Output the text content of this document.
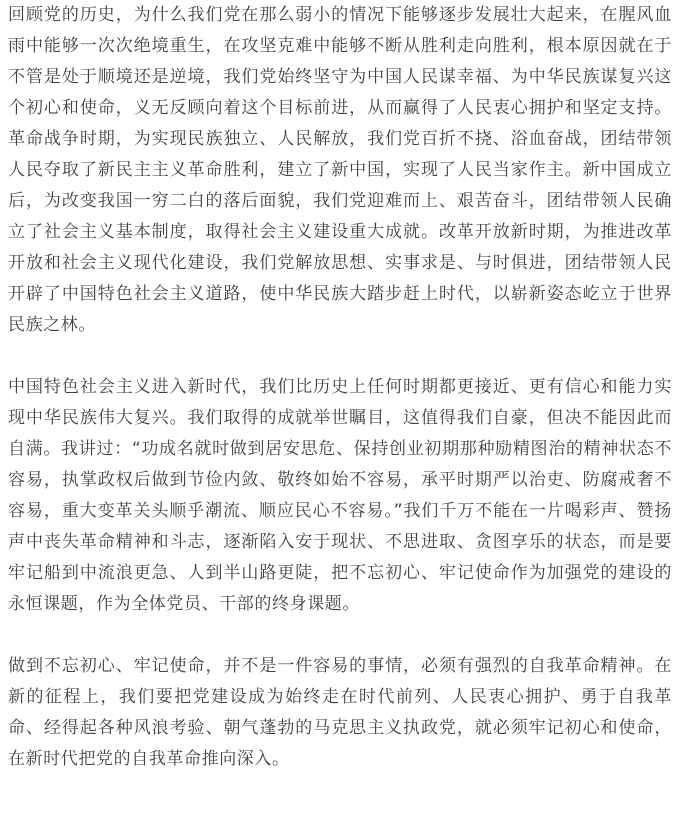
回顾党的历史，为什么我们党在那么弱小的情况下能够逐步发展壮大起来，在腥风血雨中能够一次次绝境重生，在攻坚克难中能够不断从胜利走向胜利，根本原因就在于不管是处于顺境还是逆境，我们党始终坚守为中国人民谋幸福、为中华民族谋复兴这个初心和使命，义无反顾向着这个目标前进，从而赢得了人民衷心拥护和坚定支持。革命战争时期，为实现民族独立、人民解放，我们党百折不挠、浴血奋战，团结带领人民夺取了新民主主义革命胜利，建立了新中国，实现了人民当家作主。新中国成立后，为改变我国一穷二白的落后面貌，我们党迎难而上、艰苦奋斗，团结带领人民确立了社会主义基本制度，取得社会主义建设重大成就。改革开放新时期，为推进改革开放和社会主义现代化建设，我们党解放思想、实事求是、与时俱进，团结带领人民开辟了中国特色社会主义道路，使中华民族大踏步赶上时代，以崭新姿态屹立于世界民族之林。

中国特色社会主义进入新时代，我们比历史上任何时期都更接近、更有信心和能力实现中华民族伟大复兴。我们取得的成就举世瞩目，这值得我们自豪，但决不能因此而自满。我讲过：“功成名就时做到居安思危、保持创业初期那种励精图治的精神状态不容易，执掌政权后做到节俭内敛、敬终如始不容易，承平时期严以治吏、防腐戒奢不容易，重大变革关头顺乎潮流、顺应民心不容易。”我们千万不能在一片喝彩声、赞扬声中丧失革命精神和斗志，逐渐陷入安于现状、不思进取、贪图享乐的状态，而是要牢记船到中流浪更急、人到半山路更陡，把不忘初心、牢记使命作为加强党的建设的永恒课题，作为全体党员、干部的终身课题。

做到不忘初心、牢记使命，并不是一件容易的事情，必须有强烈的自我革命精神。在新的征程上，我们要把党建设成为始终走在时代前列、人民衷心拥护、勇于自我革命、经得起各种风浪考验、朝气蓬勃的马克思主义执政党，就必须牢记初心和使命，在新时代把党的自我革命推向深入。
